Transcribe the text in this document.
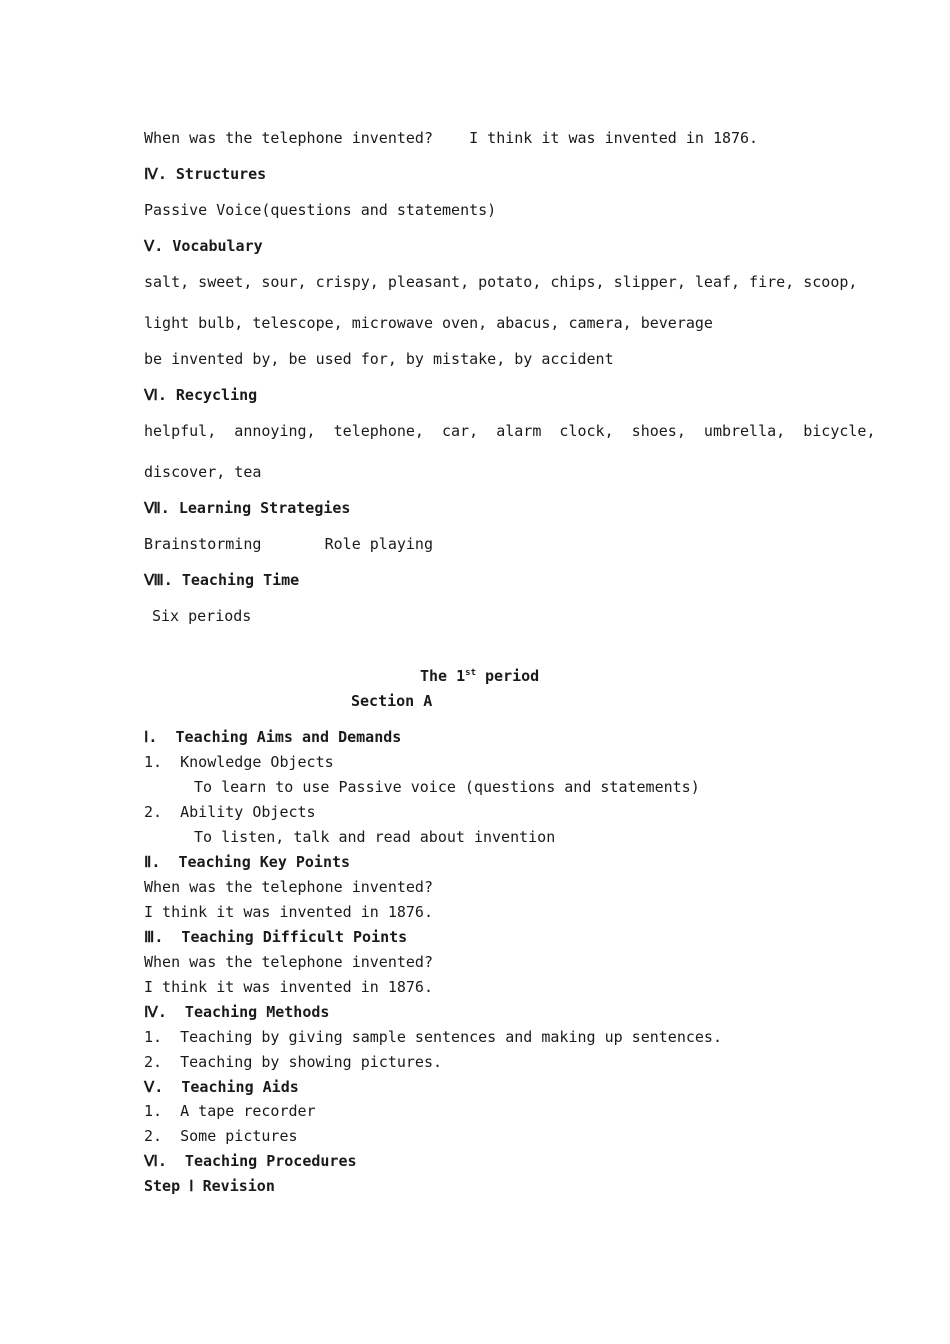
When was the telephone invented?    I think it was invented in 1876.
Ⅳ. Structures
Passive Voice(questions and statements)
Ⅴ. Vocabulary
salt, sweet, sour, crispy, pleasant, potato, chips, slipper, leaf, fire, scoop,
light bulb, telescope, microwave oven, abacus, camera, beverage
be invented by, be used for, by mistake, by accident
Ⅵ. Recycling
helpful,  annoying,  telephone,  car,  alarm  clock,  shoes,  umbrella,  bicycle,
discover, tea
Ⅶ. Learning Strategies
Brainstorming       Role playing
Ⅷ. Teaching Time
Six periods
The 1st period
Section A
Ⅰ.  Teaching Aims and Demands
1.  Knowledge Objects
To learn to use Passive voice (questions and statements)
2.  Ability Objects
To listen, talk and read about invention
Ⅱ.  Teaching Key Points
When was the telephone invented?
I think it was invented in 1876.
Ⅲ.  Teaching Difficult Points
When was the telephone invented?
I think it was invented in 1876.
Ⅳ.  Teaching Methods
1.  Teaching by giving sample sentences and making up sentences.
2.  Teaching by showing pictures.
Ⅴ.  Teaching Aids
1.  A tape recorder
2.  Some pictures
Ⅵ.  Teaching Procedures
Step Ⅰ Revision
